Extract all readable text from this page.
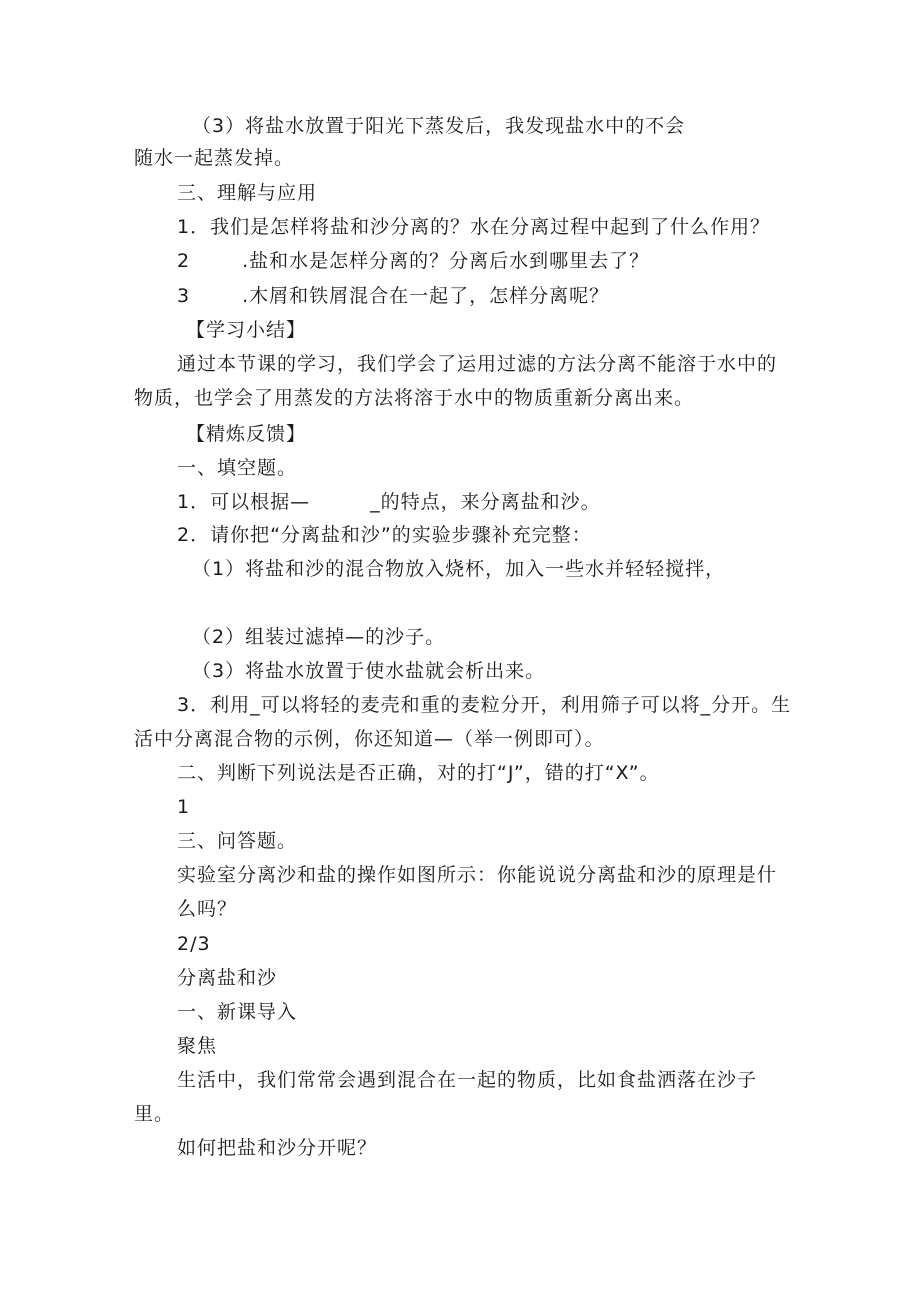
（3）将盐水放置于阳光下蒸发后，我发现盐水中的不会
随水一起蒸发掉。
三、理解与应用
1．我们是怎样将盐和沙分离的？水在分离过程中起到了什么作用？
2	.盐和水是怎样分离的？分离后水到哪里去了？
3	.木屑和铁屑混合在一起了，怎样分离呢？
【学习小结】
通过本节课的学习，我们学会了运用过滤的方法分离不能溶于水中的
物质，也学会了用蒸发的方法将溶于水中的物质重新分离出来。
【精炼反馈】
一、填空题。
1．可以根据—　　　_的特点，来分离盐和沙。
2．请你把“分离盐和沙”的实验步骤补充完整：
（1）将盐和沙的混合物放入烧杯，加入一些水并轻轻搅拌，
（2）组装过滤掉—的沙子。
（3）将盐水放置于使水盐就会析出来。
3．利用_可以将轻的麦壳和重的麦粒分开，利用筛子可以将_分开。生
活中分离混合物的示例，你还知道—（举一例即可）。
二、判断下列说法是否正确，对的打“J”，错的打“X”。
1
三、问答题。
实验室分离沙和盐的操作如图所示：你能说说分离盐和沙的原理是什
么吗？
2/3
分离盐和沙
一、新课导入
聚焦
生活中，我们常常会遇到混合在一起的物质，比如食盐洒落在沙子
里。
如何把盐和沙分开呢？
